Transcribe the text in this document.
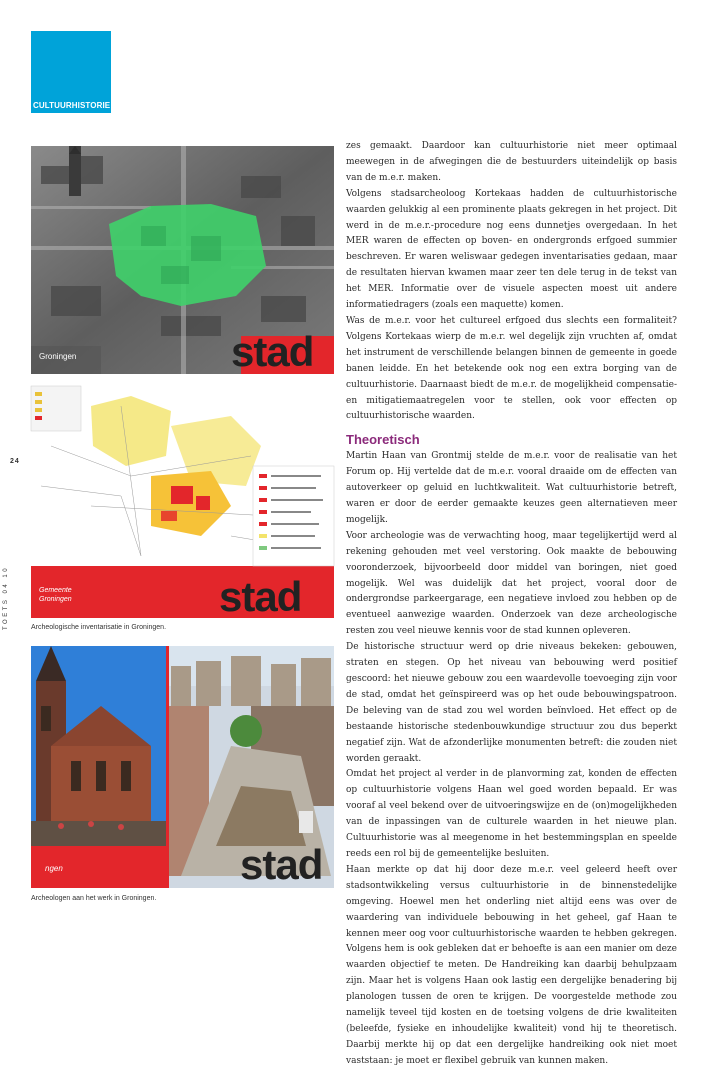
CULTUURHISTORIE
24
TOETS 04 10
stad
Groningen
stad
Gemeente Groningen
Archeologische inventarisatie in Groningen.
stad
ngen
Archeologen aan het werk in Groningen.

zes gemaakt. Daardoor kan cultuurhistorie niet meer optimaal meewegen in de afwegingen die de bestuurders uiteindelijk op basis van de m.e.r. maken.

Volgens stadsarcheoloog Kortekaas hadden de cultuurhistorische waarden gelukkig al een prominente plaats gekregen in het project. Dit werd in de m.e.r.-procedure nog eens dunnetjes overgedaan. In het MER waren de effecten op boven- en ondergronds erfgoed summier beschreven. Er waren weliswaar gedegen inventarisaties gedaan, maar de resultaten hiervan kwamen maar zeer ten dele terug in de tekst van het MER. Informatie over de visuele aspecten moest uit andere informatiedragers (zoals een maquette) komen.

Was de m.e.r. voor het cultureel erfgoed dus slechts een formaliteit? Volgens Kortekaas wierp de m.e.r. wel degelijk zijn vruchten af, omdat het instrument de verschillende belangen binnen de gemeente in goede banen leidde. En het betekende ook nog een extra borging van de cultuurhistorie. Daarnaast biedt de m.e.r. de mogelijkheid compensatie- en mitigatiemaatregelen voor te stellen, ook voor effecten op cultuurhistorische waarden.

Theoretisch

Martin Haan van Grontmij stelde de m.e.r. voor de realisatie van het Forum op. Hij vertelde dat de m.e.r. vooral draaide om de effecten van autoverkeer op geluid en luchtkwaliteit. Wat cultuurhistorie betreft, waren er door de eerder gemaakte keuzes geen alternatieven meer mogelijk.

Voor archeologie was de verwachting hoog, maar tegelijkertijd werd al rekening gehouden met veel verstoring. Ook maakte de bebouwing vooronderzoek, bijvoorbeeld door middel van boringen, niet goed mogelijk. Wel was duidelijk dat het project, vooral door de ondergrondse parkeergarage, een negatieve invloed zou hebben op de eventueel aanwezige waarden. Onderzoek van deze archeologische resten zou veel nieuwe kennis voor de stad kunnen opleveren.

De historische structuur werd op drie niveaus bekeken: gebouwen, straten en stegen. Op het niveau van bebouwing werd positief gescoord: het nieuwe gebouw zou een waardevolle toevoeging zijn voor de stad, omdat het geïnspireerd was op het oude bebouwingspatroon. De beleving van de stad zou wel worden beïnvloed. Het effect op de bestaande historische stedenbouwkundige structuur zou dus beperkt negatief zijn. Wat de afzonderlijke monumenten betreft: die zouden niet worden geraakt.

Omdat het project al verder in de planvorming zat, konden de effecten op cultuurhistorie volgens Haan wel goed worden bepaald. Er was vooraf al veel bekend over de uitvoeringswijze en de (on)mogelijkheden van de inpassingen van de culturele waarden in het nieuwe plan. Cultuurhistorie was al meegenome in het bestemmingsplan en speelde reeds een rol bij de gemeentelijke besluiten.

Haan merkte op dat hij door deze m.e.r. veel geleerd heeft over stadsontwikkeling versus cultuurhistorie in de binnenstedelijke omgeving. Hoewel men het onderling niet altijd eens was over de waardering van individuele bebouwing in het geheel, gaf Haan te kennen meer oog voor cultuurhistorische waarden te hebben gekregen. Volgens hem is ook gebleken dat er behoefte is aan een manier om deze waarden objectief te meten. De Handreiking kan daarbij behulpzaam zijn. Maar het is volgens Haan ook lastig een dergelijke benadering bij planologen tussen de oren te krijgen. De voorgestelde methode zou namelijk teveel tijd kosten en de toetsing volgens de drie kwaliteiten (beleefde, fysieke en inhoudelijke kwaliteit) vond hij te theoretisch. Daarbij merkte hij op dat een dergelijke handreiking ook niet moet vaststaan: je moet er flexibel gebruik van kunnen maken.
